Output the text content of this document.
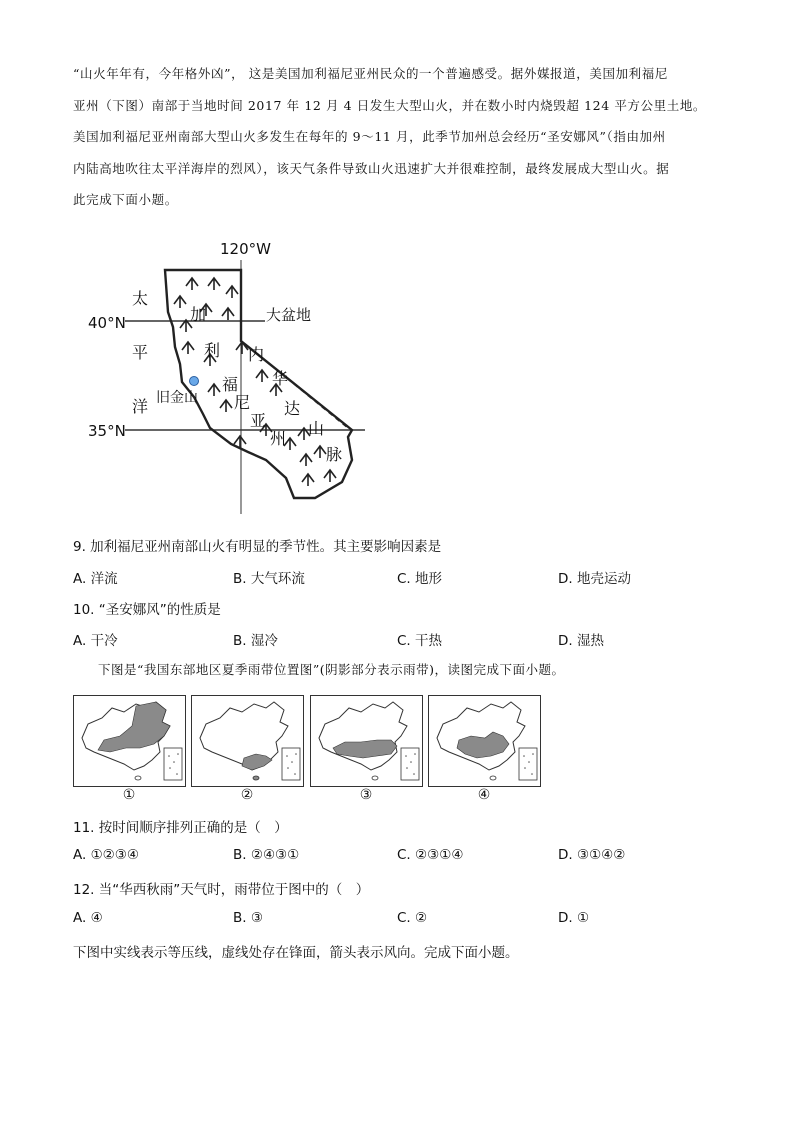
“山火年年有，今年格外凶”， 这是美国加利福尼亚州民众的一个普遍感受。据外媒报道，美国加利福尼

亚州（下图）南部于当地时间 2017 年 12 月 4 日发生大型山火，并在数小时内烧毁超 124 平方公里土地。

美国加利福尼亚州南部大型山火多发生在每年的 9～11 月，此季节加州总会经历“圣安娜风”（指由加州

内陆高地吹往太平洋海岸的烈风），该天气条件导致山火迅速扩大并很难控制，最终发展成大型山火。据

此完成下面小题。

120°W
40°N
35°N
太
平
洋
加
利
福
尼
亚
州
大盆地
内
华
达
山
脉
旧金山
9. 加利福尼亚州南部山火有明显的季节性。其主要影响因素是
A. 洋流	B. 大气环流	C. 地形	D. 地壳运动
10. “圣安娜风”的性质是
A. 干冷	B. 湿冷	C. 干热	D. 湿热
下图是“我国东部地区夏季雨带位置图”(阴影部分表示雨带)，读图完成下面小题。
①	②	③	④
11. 按时间顺序排列正确的是（　）
A. ①②③④	B. ②④③①	C. ②③①④	D. ③①④②
12. 当“华西秋雨”天气时，雨带位于图中的（　）
A. ④	B. ③	C. ②	D. ①
下图中实线表示等压线，虚线处存在锋面，箭头表示风向。完成下面小题。
